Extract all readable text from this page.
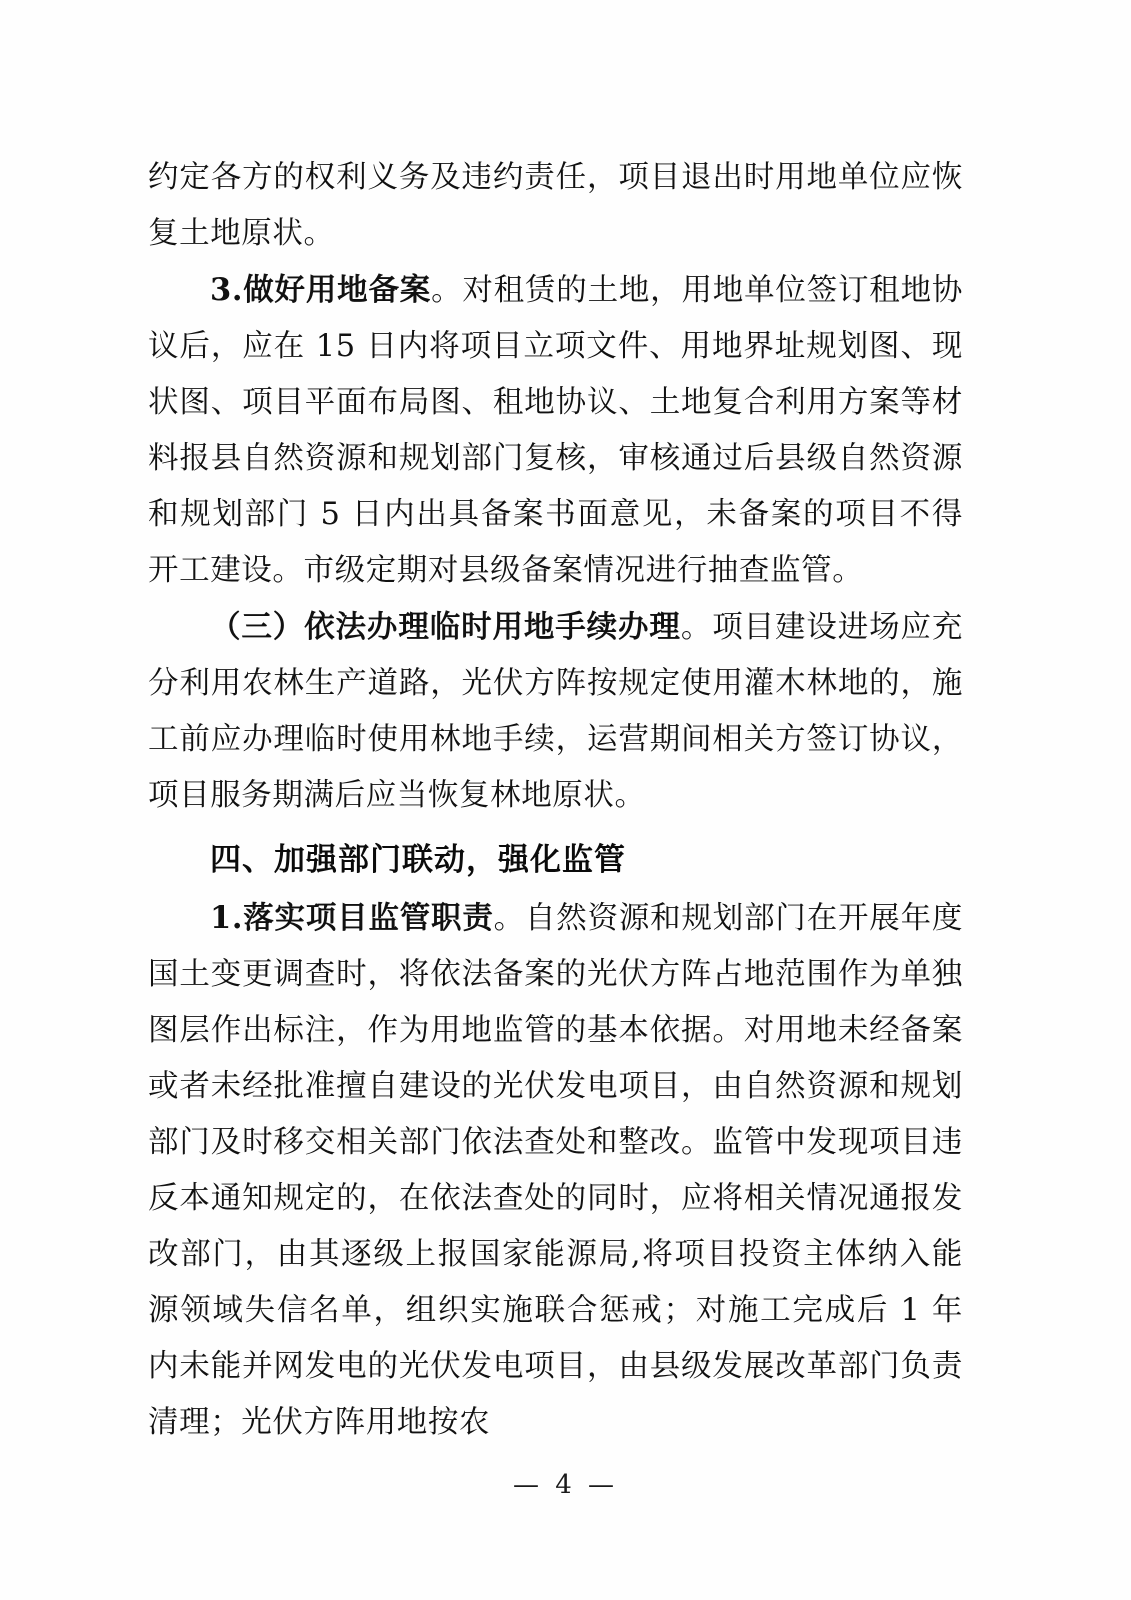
约定各方的权利义务及违约责任，项目退出时用地单位应恢复土地原状。

3.做好用地备案。对租赁的土地，用地单位签订租地协议后，应在 15 日内将项目立项文件、用地界址规划图、现状图、项目平面布局图、租地协议、土地复合利用方案等材料报县自然资源和规划部门复核，审核通过后县级自然资源和规划部门 5 日内出具备案书面意见，未备案的项目不得开工建设。市级定期对县级备案情况进行抽查监管。

（三）依法办理临时用地手续办理。项目建设进场应充分利用农林生产道路，光伏方阵按规定使用灌木林地的，施工前应办理临时使用林地手续，运营期间相关方签订协议，项目服务期满后应当恢复林地原状。

四、加强部门联动，强化监管

1.落实项目监管职责。自然资源和规划部门在开展年度国土变更调查时，将依法备案的光伏方阵占地范围作为单独图层作出标注，作为用地监管的基本依据。对用地未经备案或者未经批准擅自建设的光伏发电项目，由自然资源和规划部门及时移交相关部门依法查处和整改。监管中发现项目违反本通知规定的，在依法查处的同时，应将相关情况通报发改部门，由其逐级上报国家能源局,将项目投资主体纳入能源领域失信名单，组织实施联合惩戒；对施工完成后 1 年内未能并网发电的光伏发电项目，由县级发展改革部门负责清理；光伏方阵用地按农

— 4 —
